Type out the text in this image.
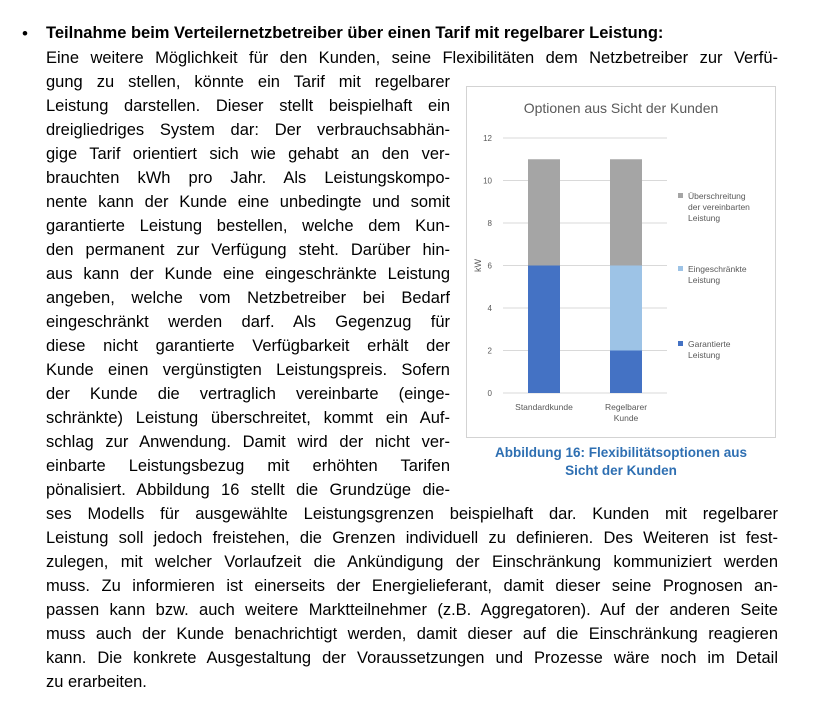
• Teilnahme beim Verteilernetzbetreiber über einen Tarif mit regelbarer Leistung:
Eine weitere Möglichkeit für den Kunden, seine Flexibilitäten dem Netzbetreiber zur Verfü-
gung zu stellen, könnte ein Tarif mit regelbarer
Leistung darstellen. Dieser stellt beispielhaft ein
dreigliedriges System dar: Der verbrauchsabhän-
gige Tarif orientiert sich wie gehabt an den ver-
brauchten kWh pro Jahr. Als Leistungskompo-
nente kann der Kunde eine unbedingte und somit
garantierte Leistung bestellen, welche dem Kun-
den permanent zur Verfügung steht. Darüber hin-
aus kann der Kunde eine eingeschränkte Leistung
angeben, welche vom Netzbetreiber bei Bedarf
eingeschränkt werden darf. Als Gegenzug für
diese nicht garantierte Verfügbarkeit erhält der
Kunde einen vergünstigten Leistungspreis. Sofern
der Kunde die vertraglich vereinbarte (einge-
schränkte) Leistung überschreitet, kommt ein Auf-
schlag zur Anwendung. Damit wird der nicht ver-
einbarte Leistungsbezug mit erhöhten Tarifen
pönalisiert. Abbildung 16 stellt die Grundzüge die-
ses Modells für ausgewählte Leistungsgrenzen beispielhaft dar. Kunden mit regelbarer
Leistung soll jedoch freistehen, die Grenzen individuell zu definieren. Des Weiteren ist fest-
zulegen, mit welcher Vorlaufzeit die Ankündigung der Einschränkung kommuniziert werden
muss. Zu informieren ist einerseits der Energielieferant, damit dieser seine Prognosen an-
passen kann bzw. auch weitere Marktteilnehmer (z.B. Aggregatoren). Auf der anderen Seite
muss auch der Kunde benachrichtigt werden, damit dieser auf die Einschränkung reagieren
kann. Die konkrete Ausgestaltung der Voraussetzungen und Prozesse wäre noch im Detail
zu erarbeiten.
Optionen aus Sicht der Kunden
0
2
4
6
8
10
12
kW
Standardkunde	Regelbarer
Kunde
Überschreitung
der vereinbarten
Leistung
Eingeschränkte
Leistung
Garantierte
Leistung
Abbildung 16: Flexibilitätsoptionen aus
Sicht der Kunden
